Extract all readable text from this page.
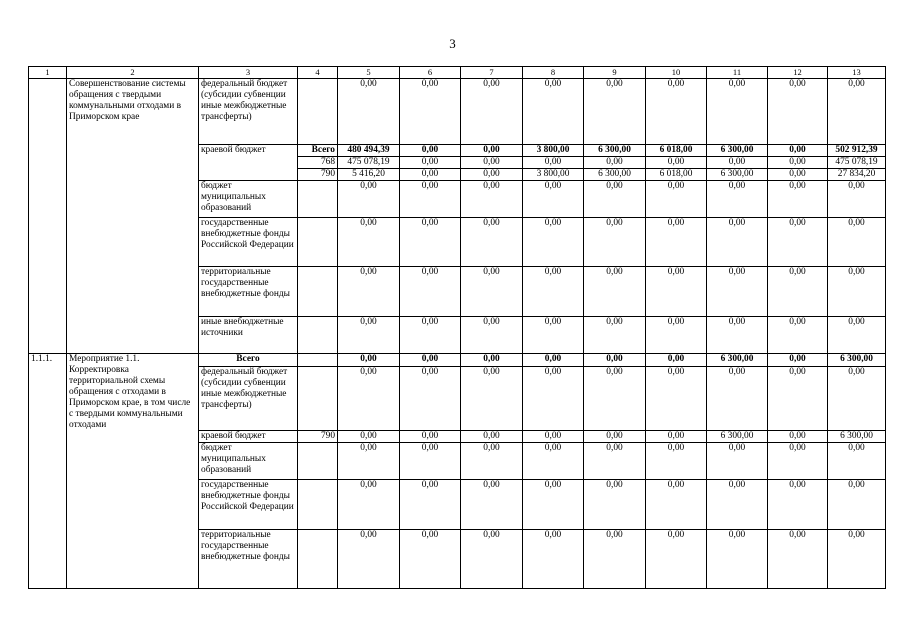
3
1	2	3	4	5	6	7	8	9	10	11	12	13
	Совершенствование системы обращения с твердыми коммунальными отходами в Приморском крае	федеральный бюджет (субсидии субвенции иные межбюджетные трансферты)		0,00	0,00	0,00	0,00	0,00	0,00	0,00	0,00	0,00
		краевой бюджет	Всего	480 494,39	0,00	0,00	3 800,00	6 300,00	6 018,00	6 300,00	0,00	502 912,39
			768	475 078,19	0,00	0,00	0,00	0,00	0,00	0,00	0,00	475 078,19
			790	5 416,20	0,00	0,00	3 800,00	6 300,00	6 018,00	6 300,00	0,00	27 834,20
		бюджет муниципальных образований		0,00	0,00	0,00	0,00	0,00	0,00	0,00	0,00	0,00
		государственные внебюджетные фонды Российской Федерации		0,00	0,00	0,00	0,00	0,00	0,00	0,00	0,00	0,00
		территориальные государственные внебюджетные фонды		0,00	0,00	0,00	0,00	0,00	0,00	0,00	0,00	0,00
		иные внебюджетные источники		0,00	0,00	0,00	0,00	0,00	0,00	0,00	0,00	0,00
1.1.1.	Мероприятие 1.1. Корректировка территориальной схемы обращения с отходами в Приморском крае, в том числе с твердыми коммунальными отходами	Всего		0,00	0,00	0,00	0,00	0,00	0,00	6 300,00	0,00	6 300,00
		федеральный бюджет (субсидии субвенции иные межбюджетные трансферты)		0,00	0,00	0,00	0,00	0,00	0,00	0,00	0,00	0,00
		краевой бюджет	790	0,00	0,00	0,00	0,00	0,00	0,00	6 300,00	0,00	6 300,00
		бюджет муниципальных образований		0,00	0,00	0,00	0,00	0,00	0,00	0,00	0,00	0,00
		государственные внебюджетные фонды Российской Федерации		0,00	0,00	0,00	0,00	0,00	0,00	0,00	0,00	0,00
		территориальные государственные внебюджетные фонды		0,00	0,00	0,00	0,00	0,00	0,00	0,00	0,00	0,00
